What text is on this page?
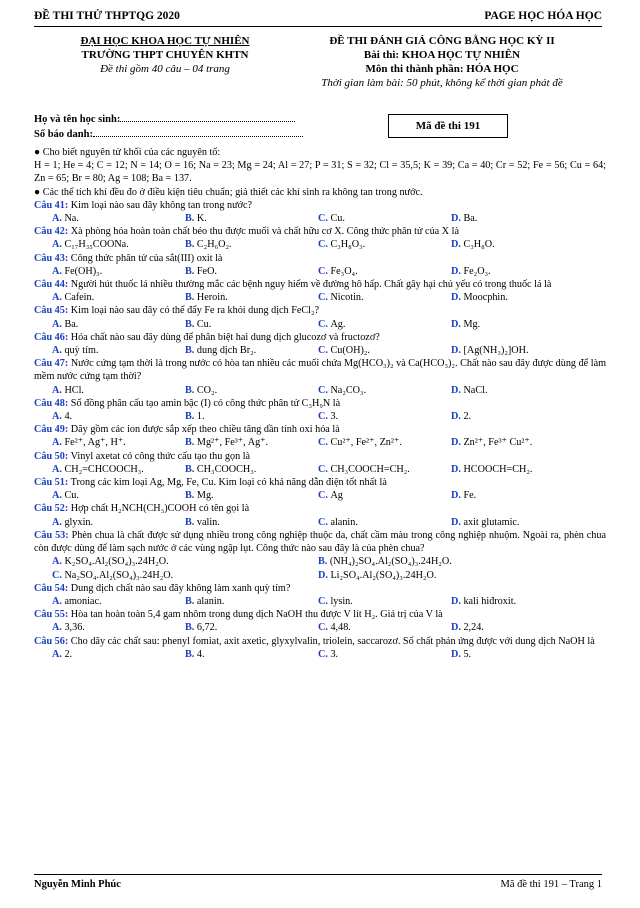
ĐỀ THI THỬ THPTQG 2020	PAGE HỌC HÓA HỌC
ĐẠI HỌC KHOA HỌC TỰ NHIÊN
TRƯỜNG THPT CHUYÊN KHTN
Đề thi gồm 40 câu – 04 trang
ĐỀ THI ĐÁNH GIÁ CÔNG BẰNG HỌC KỲ II
Bài thi: KHOA HỌC TỰ NHIÊN
Môn thi thành phần: HÓA HỌC
Thời gian làm bài: 50 phút, không kể thời gian phát đề
Họ và tên học sinh:
Số báo danh:
Mã đề thi 191

● Cho biết nguyên tử khối của các nguyên tố:

H = 1; He = 4; C = 12; N = 14; O = 16; Na = 23; Mg = 24; Al = 27; P = 31; S = 32; Cl = 35,5; K = 39; Ca = 40; Cr = 52; Fe = 56; Cu = 64; Zn = 65; Br = 80; Ag = 108; Ba = 137.

● Các thể tích khí đều đo ở điều kiện tiêu chuẩn; giả thiết các khí sinh ra không tan trong nước.

Câu 41: Kim loại nào sau đây không tan trong nước?

A. Na.	B. K.	C. Cu.	D. Ba.

Câu 42: Xà phòng hóa hoàn toàn chất béo thu được muối và chất hữu cơ X. Công thức phân tử của X là

A. C₁₇H₃₅COONa.	B. C₂H₆O₂.	C. C₃H₈O₃.	D. C₃H₈O.

Câu 43: Công thức phân tử của sắt(III) oxit là

A. Fe(OH)₃.	B. FeO.	C. Fe₃O₄.	D. Fe₂O₃.

Câu 44: Người hút thuốc lá nhiều thường mắc các bệnh nguy hiểm về đường hô hấp. Chất gây hại chủ yếu có trong thuốc lá là

A. Cafein.	B. Heroin.	C. Nicotin.	D. Moocphin.

Câu 45: Kim loại nào sau đây có thể đẩy Fe ra khỏi dung dịch FeCl₂?

A. Ba.	B. Cu.	C. Ag.	D. Mg.

Câu 46: Hóa chất nào sau đây dùng để phân biệt hai dung dịch glucozơ và fructozơ?

A. quỳ tím.	B. dung dịch Br₂.	C. Cu(OH)₂.	D. [Ag(NH₃)₂]OH.

Câu 47: Nước cứng tạm thời là trong nước có hòa tan nhiều các muối chứa Mg(HCO₃)₂ và Ca(HCO₃)₂. Chất nào sau đây được dùng để làm mềm nước cứng tạm thời?

A. HCl.	B. CO₂.	C. Na₂CO₃.	D. NaCl.

Câu 48: Số đồng phân cấu tạo amin bậc (I) có công thức phân tử C₃H₉N là

A. 4.	B. 1.	C. 3.	D. 2.

Câu 49: Dãy gồm các ion được sắp xếp theo chiều tăng dần tính oxi hóa là

A. Fe²⁺, Ag⁺, H⁺.	B. Mg²⁺, Fe³⁺, Ag⁺.	C. Cu²⁺, Fe²⁺, Zn²⁺.	D. Zn²⁺, Fe³⁺ Cu²⁺.

Câu 50: Vinyl axetat có công thức cấu tạo thu gọn là

A. CH₂=CHCOOCH₃.	B. CH₃COOCH₃.	C. CH₃COOCH=CH₂.	D. HCOOCH=CH₂.

Câu 51: Trong các kim loại Ag, Mg, Fe, Cu. Kim loại có khả năng dẫn điện tốt nhất là

A. Cu.	B. Mg.	C. Ag	D. Fe.

Câu 52: Hợp chất H₂NCH(CH₃)COOH có tên gọi là

A. glyxin.	B. valin.	C. alanin.	D. axit glutamic.

Câu 53: Phèn chua là chất được sử dụng nhiều trong công nghiệp thuộc da, chất cầm màu trong công nghiệp nhuộm. Ngoài ra, phèn chua còn được dùng để làm sạch nước ở các vùng ngập lụt. Công thức nào sau đây là của phèn chua?

A. K₂SO₄.Al₂(SO₄)₃.24H₂O.	B. (NH₄)₂SO₄.Al₂(SO₄)₃.24H₂O.
C. Na₂SO₄.Al₂(SO₄)₃.24H₂O.	D. Li₂SO₄.Al₂(SO₄)₃.24H₂O.

Câu 54: Dung dịch chất nào sau đây không làm xanh quỳ tím?

A. amoniac.	B. alanin.	C. lysin.	D. kali hiđroxit.

Câu 55: Hòa tan hoàn toàn 5,4 gam nhôm trong dung dịch NaOH thu được V lít H₂. Giá trị của V là

A. 3,36.	B. 6,72.	C. 4,48.	D. 2,24.

Câu 56: Cho dãy các chất sau: phenyl fomiat, axit axetic, glyxylvalin, triolein, saccarozơ. Số chất phản ứng được với dung dịch NaOH là

A. 2.	B. 4.	C. 3.	D. 5.
Nguyễn Minh Phúc	Mã đề thi 191 – Trang 1
